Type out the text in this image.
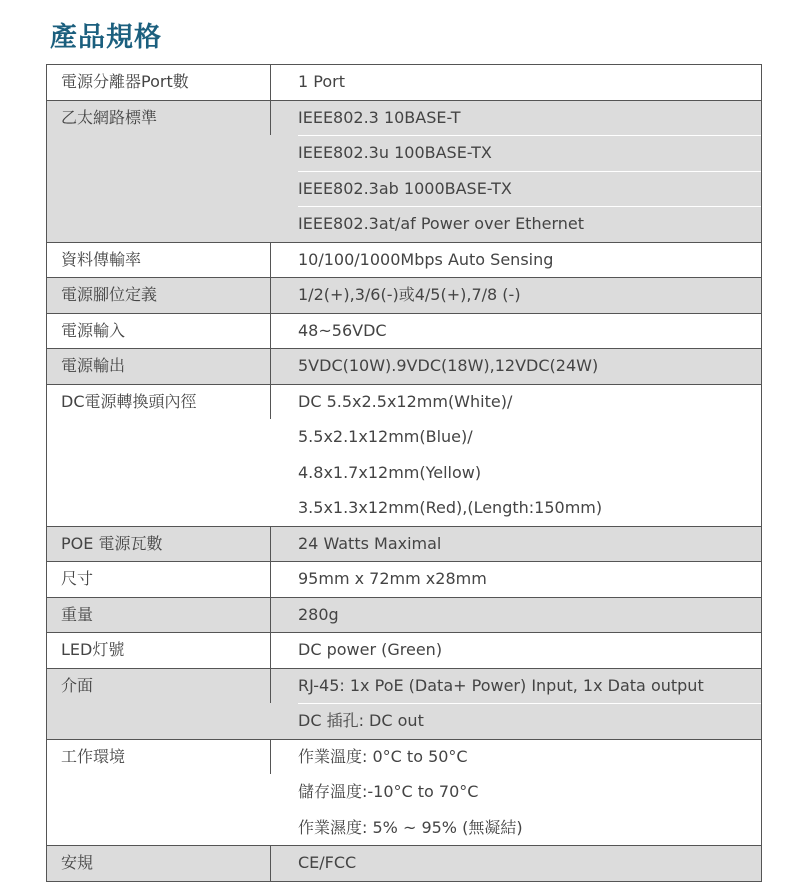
產品規格
電源分離器Port數	1 Port
乙太網路標準	IEEE802.3 10BASE-T
IEEE802.3u 100BASE-TX
IEEE802.3ab 1000BASE-TX
IEEE802.3at/af Power over Ethernet
資料傳輸率	10/100/1000Mbps Auto Sensing
電源腳位定義	1/2(+),3/6(-)或4/5(+),7/8 (-)
電源輸入	48~56VDC
電源輸出	5VDC(10W).9VDC(18W),12VDC(24W)
DC電源轉換頭內徑	DC 5.5x2.5x12mm(White)/
5.5x2.1x12mm(Blue)/
4.8x1.7x12mm(Yellow)
3.5x1.3x12mm(Red),(Length:150mm)
POE 電源瓦數	24 Watts Maximal
尺寸	95mm x 72mm x28mm
重量	280g
LED灯號	DC power (Green)
介面	RJ-45: 1x PoE (Data+ Power) Input, 1x Data output
DC 插孔: DC out
工作環境	作業溫度: 0°C to 50°C
儲存溫度:-10°C to 70°C
作業濕度: 5% ~ 95% (無凝結)
安規	CE/FCC
